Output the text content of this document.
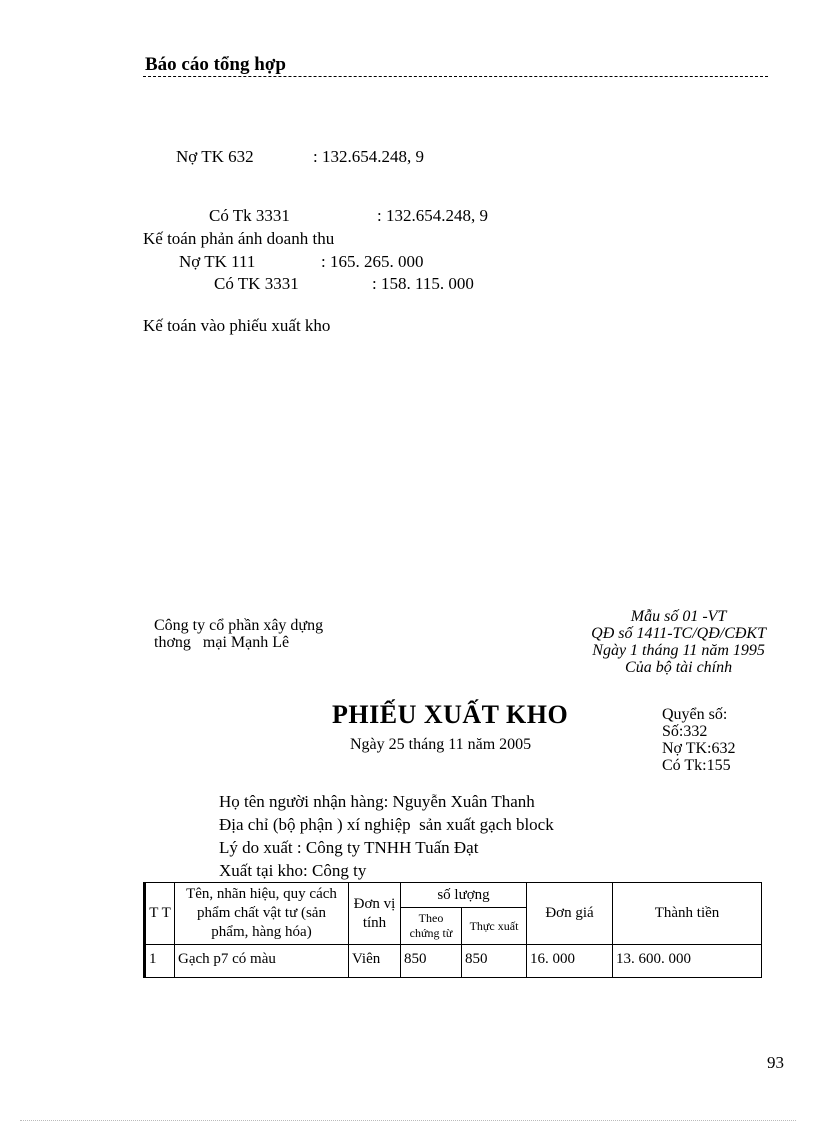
Báo cáo tổng hợp
Nợ TK 632	: 132.654.248, 9
Có Tk 3331	: 132.654.248, 9
Kế toán phản ánh doanh thu
Nợ TK 111	: 165. 265. 000
Có TK 3331	: 158. 115. 000
Kế toán vào phiếu xuất kho
Công ty cổ phần xây dựng
thơng   mại Mạnh Lê
Mẫu số 01 -VT
QĐ số 1411-TC/QĐ/CĐKT
Ngày 1 tháng 11 năm 1995
Của bộ tài chính
PHIẾU XUẤT KHO
Ngày 25 tháng 11 năm 2005
Quyển số:
Số:332
Nợ TK:632
Có Tk:155
Họ tên người nhận hàng: Nguyễn Xuân Thanh
Địa chỉ (bộ phận ) xí nghiệp  sản xuất gạch block
Lý do xuất : Công ty TNHH Tuấn Đạt
Xuất tại kho: Công ty
T T	Tên, nhãn hiệu, quy cách phẩm chất vật tư (sản phẩm, hàng hóa)	Đơn vị tính	số lượng		Đơn giá	Thành tiền
			Theo chứng từ	Thực xuất		
1	Gạch p7 có màu	Viên	850	850	16. 000	13. 600. 000
93
